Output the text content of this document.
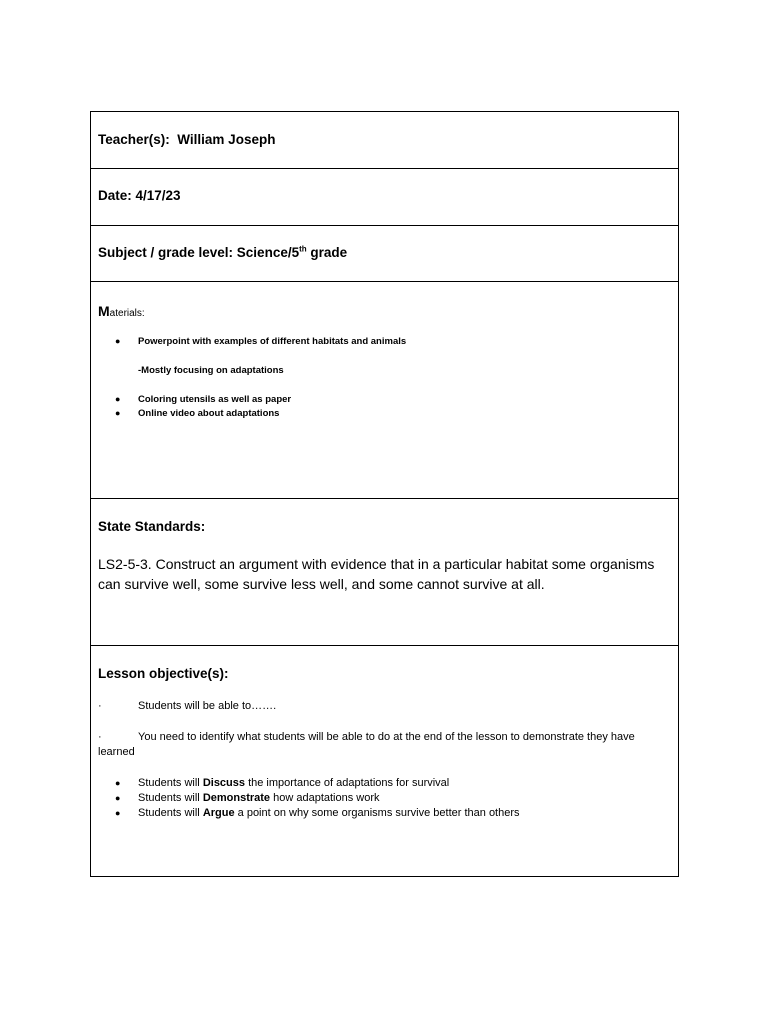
Teacher(s): William Joseph
Date: 4/17/23
Subject / grade level: Science/5th grade
Materials:
● Powerpoint with examples of different habitats and animals
-Mostly focusing on adaptations
● Coloring utensils as well as paper
● Online video about adaptations
State Standards:
LS2-5-3. Construct an argument with evidence that in a particular habitat some organisms can survive well, some survive less well, and some cannot survive at all.
Lesson objective(s):
·	Students will be able to…….
·	You need to identify what students will be able to do at the end of the lesson to demonstrate they have learned
● Students will Discuss the importance of adaptations for survival
● Students will Demonstrate how adaptations work
● Students will Argue a point on why some organisms survive better than others
